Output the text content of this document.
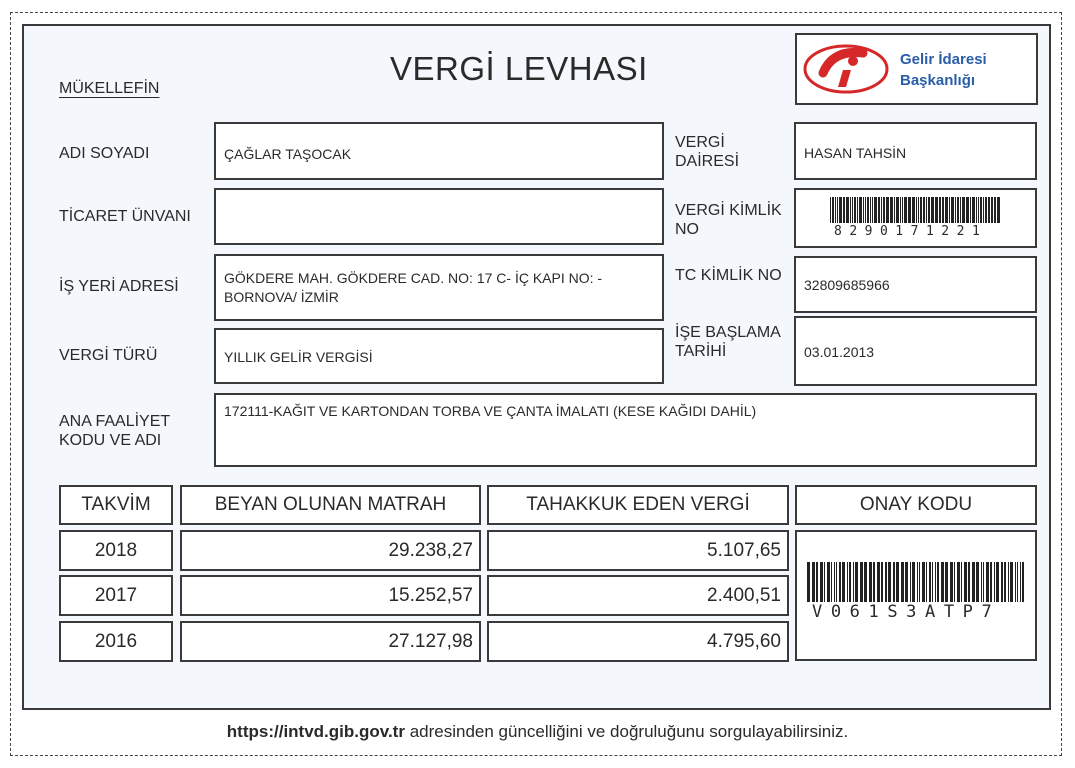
VERGİ LEVHASI
MÜKELLEFİN
Gelir İdaresi
Başkanlığı
ADI SOYADI	ÇAĞLAR TAŞOCAK
TİCARET ÜNVANI
İŞ YERİ ADRESİ	GÖKDERE MAH. GÖKDERE CAD. NO: 17 C- İÇ KAPI NO: -
BORNOVA/ İZMİR
VERGİ TÜRÜ	YILLIK GELİR VERGİSİ
ANA FAALİYET
KODU VE ADI
172111-KAĞIT VE KARTONDAN TORBA VE ÇANTA İMALATI (KESE KAĞIDI DAHİL)
VERGİ
DAİRESİ	HASAN TAHSİN
VERGİ KİMLİK
NO	8290171221
TC KİMLİK NO
32809685966
İŞE BAŞLAMA
TARİHİ	03.01.2013
TAKVİM	BEYAN OLUNAN MATRAH	TAHAKKUK EDEN VERGİ	ONAY KODU
2018	29.238,27	5.107,65
2017	15.252,57	2.400,51
2016	27.127,98	4.795,60
V061S3ATP7
https://intvd.gib.gov.tr adresinden güncelliğini ve doğruluğunu sorgulayabilirsiniz.
